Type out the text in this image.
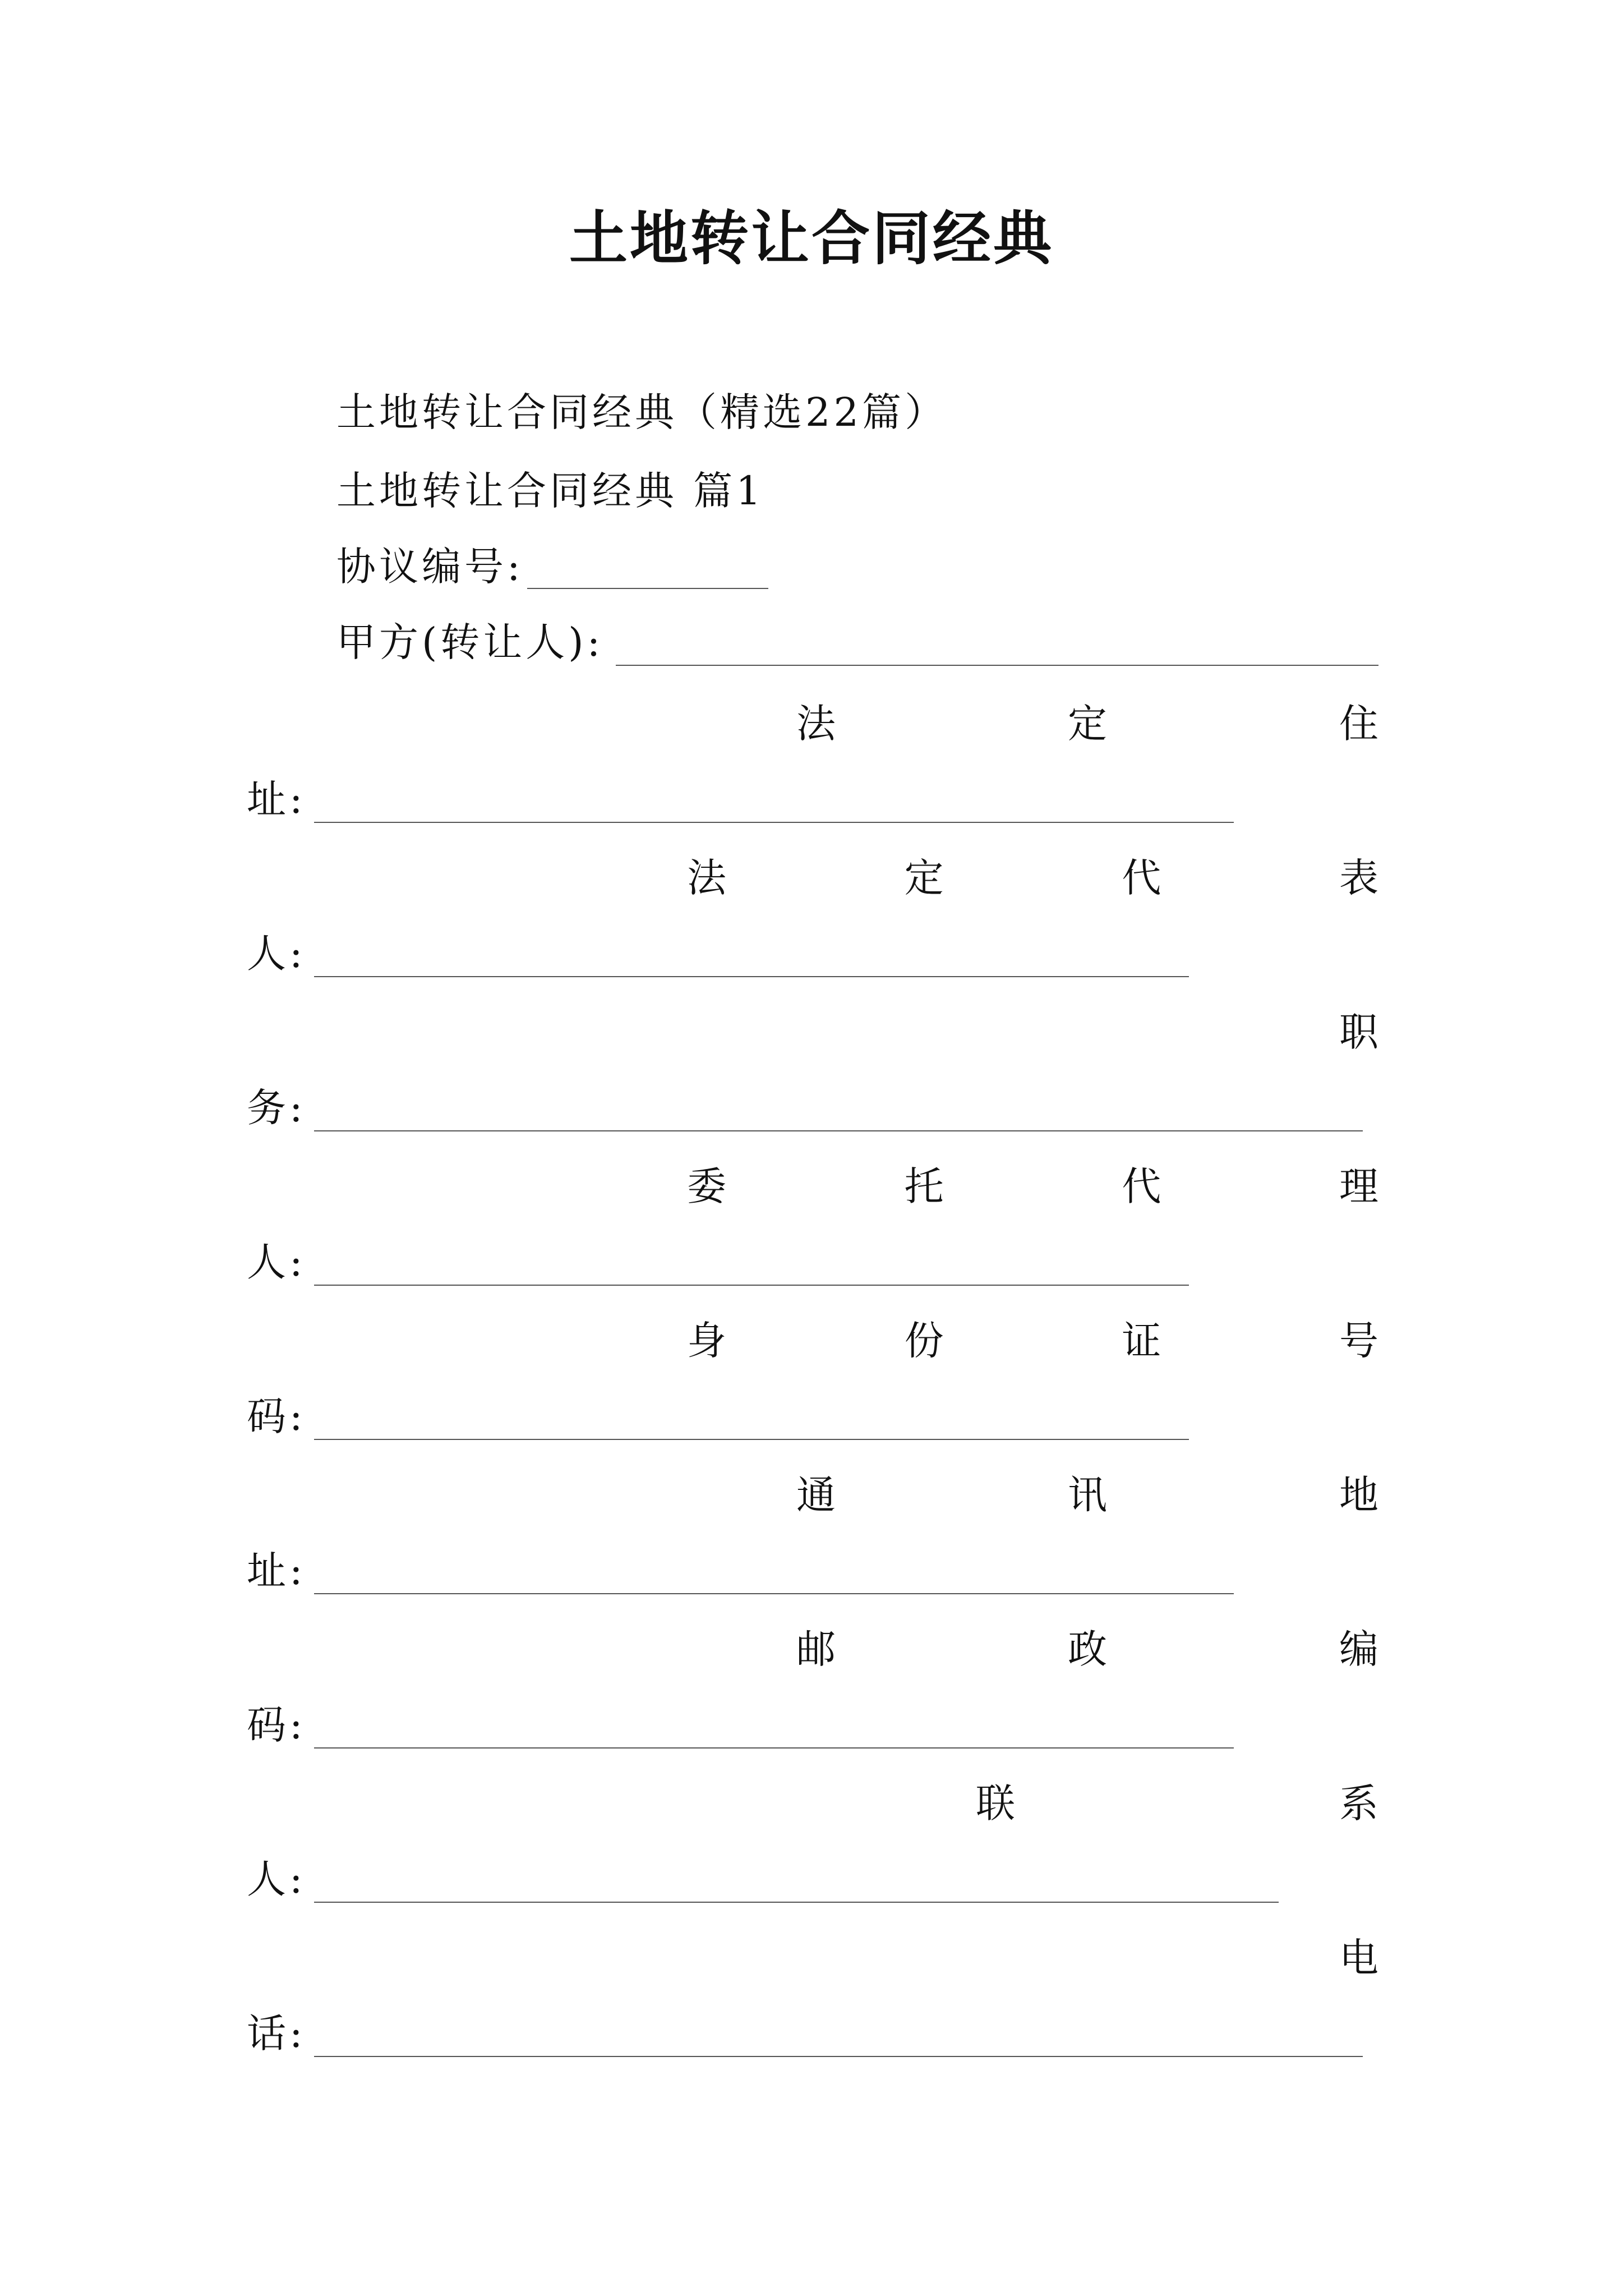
土地转让合同经典
土地转让合同经典（精选22篇）
土地转让合同经典 篇1
协议编号:
甲方(转让人):
法	定	住
址:
法	定	代	表
人:
职
务:
委	托	代	理
人:
身	份	证	号
码:
通	讯	地
址:
邮	政	编
码:
联	系
人:
电
话:
